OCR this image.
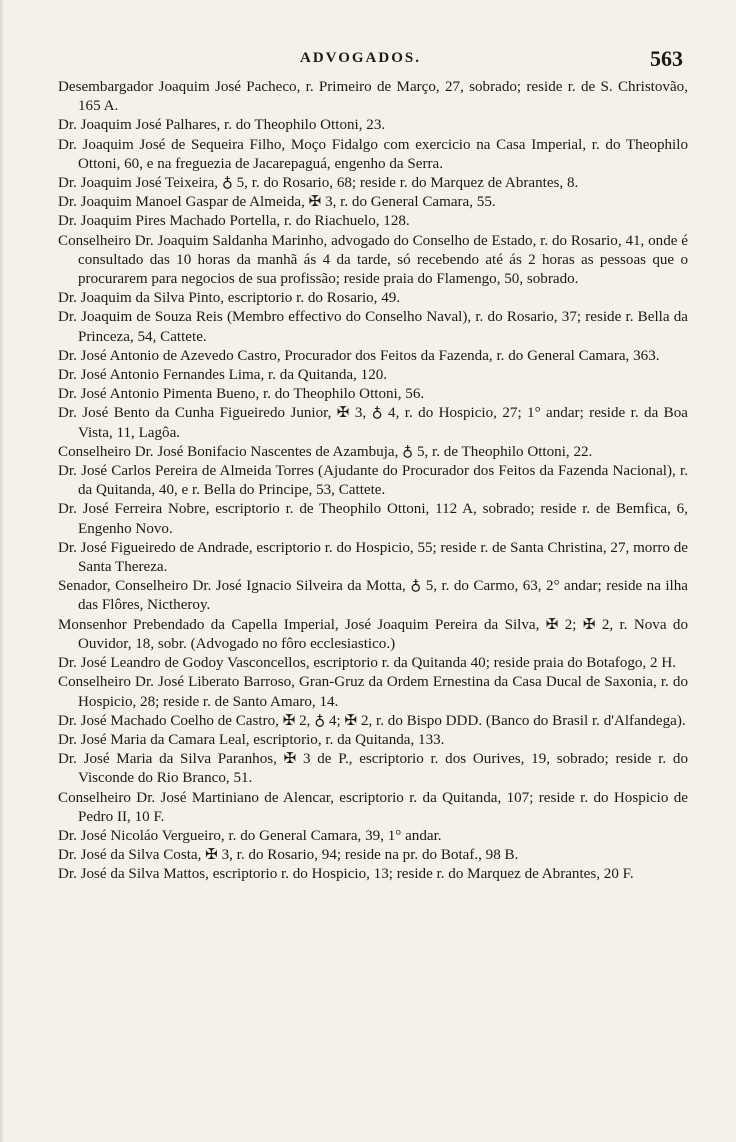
ADVOGADOS.	563

Desembargador Joaquim José Pacheco, r. Primeiro de Março, 27, sobrado; reside r. de S. Christovão, 165 A.

Dr. Joaquim José Palhares, r. do Theophilo Ottoni, 23.

Dr. Joaquim José de Sequeira Filho, Moço Fidalgo com exercicio na Casa Imperial, r. do Theophilo Ottoni, 60, e na freguezia de Jacarepaguá, engenho da Serra.

Dr. Joaquim José Teixeira, ♁ 5, r. do Rosario, 68; reside r. do Marquez de Abrantes, 8.

Dr. Joaquim Manoel Gaspar de Almeida, ✠ 3, r. do General Camara, 55.

Dr. Joaquim Pires Machado Portella, r. do Riachuelo, 128.

Conselheiro Dr. Joaquim Saldanha Marinho, advogado do Conselho de Estado, r. do Rosario, 41, onde é consultado das 10 horas da manhã ás 4 da tarde, só recebendo até ás 2 horas as pessoas que o procurarem para negocios de sua profissão; reside praia do Flamengo, 50, sobrado.

Dr. Joaquim da Silva Pinto, escriptorio r. do Rosario, 49.

Dr. Joaquim de Souza Reis (Membro effectivo do Conselho Naval), r. do Rosario, 37; reside r. Bella da Princeza, 54, Cattete.

Dr. José Antonio de Azevedo Castro, Procurador dos Feitos da Fazenda, r. do General Camara, 363.

Dr. José Antonio Fernandes Lima, r. da Quitanda, 120.

Dr. José Antonio Pimenta Bueno, r. do Theophilo Ottoni, 56.

Dr. José Bento da Cunha Figueiredo Junior, ✠ 3, ♁ 4, r. do Hospicio, 27; 1° andar; reside r. da Boa Vista, 11, Lagôa.

Conselheiro Dr. José Bonifacio Nascentes de Azambuja, ♁ 5, r. de Theophilo Ottoni, 22.

Dr. José Carlos Pereira de Almeida Torres (Ajudante do Procurador dos Feitos da Fazenda Nacional), r. da Quitanda, 40, e r. Bella do Principe, 53, Cattete.

Dr. José Ferreira Nobre, escriptorio r. de Theophilo Ottoni, 112 A, sobrado; reside r. de Bemfica, 6, Engenho Novo.

Dr. José Figueiredo de Andrade, escriptorio r. do Hospicio, 55; reside r. de Santa Christina, 27, morro de Santa Thereza.

Senador, Conselheiro Dr. José Ignacio Silveira da Motta, ♁ 5, r. do Carmo, 63, 2° andar; reside na ilha das Flôres, Nictheroy.

Monsenhor Prebendado da Capella Imperial, José Joaquim Pereira da Silva, ✠ 2; ✠ 2, r. Nova do Ouvidor, 18, sobr. (Advogado no fôro ecclesiastico.)

Dr. José Leandro de Godoy Vasconcellos, escriptorio r. da Quitanda 40; reside praia do Botafogo, 2 H.

Conselheiro Dr. José Liberato Barroso, Gran-Gruz da Ordem Ernestina da Casa Ducal de Saxonia, r. do Hospicio, 28; reside r. de Santo Amaro, 14.

Dr. José Machado Coelho de Castro, ✠ 2, ♁ 4; ✠ 2, r. do Bispo DDD. (Banco do Brasil r. d'Alfandega).

Dr. José Maria da Camara Leal, escriptorio, r. da Quitanda, 133.

Dr. José Maria da Silva Paranhos, ✠ 3 de P., escriptorio r. dos Ourives, 19, sobrado; reside r. do Visconde do Rio Branco, 51.

Conselheiro Dr. José Martiniano de Alencar, escriptorio r. da Quitanda, 107; reside r. do Hospicio de Pedro II, 10 F.

Dr. José Nicoláo Vergueiro, r. do General Camara, 39, 1° andar.

Dr. José da Silva Costa, ✠ 3, r. do Rosario, 94; reside na pr. do Botaf., 98 B.

Dr. José da Silva Mattos, escriptorio r. do Hospicio, 13; reside r. do Marquez de Abrantes, 20 F.
